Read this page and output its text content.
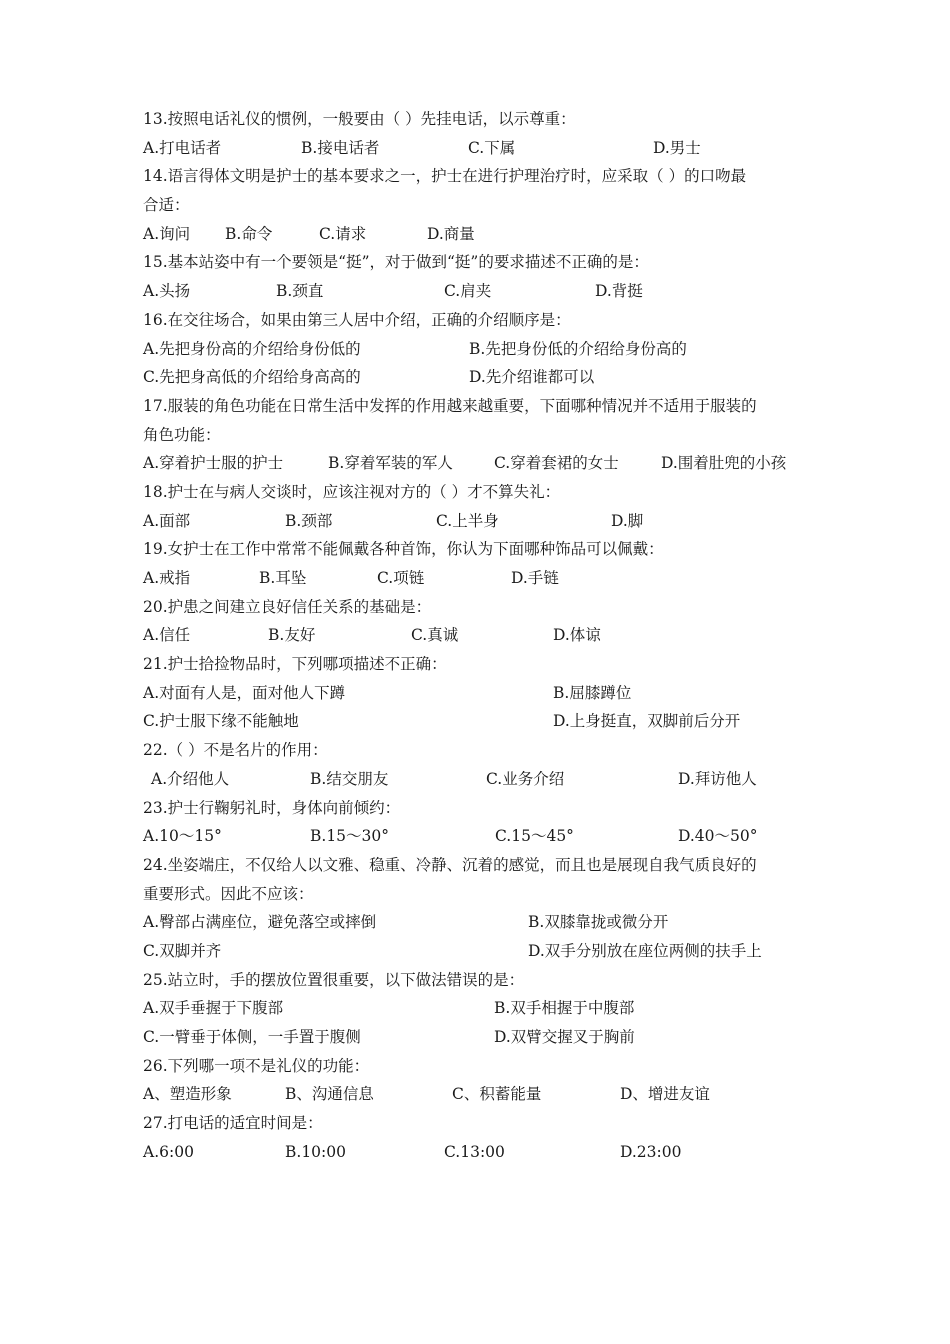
13.按照电话礼仪的惯例，一般要由（ ）先挂电话，以示尊重：
A.打电话者	B.接电话者	C.下属	D.男士
14.语言得体文明是护士的基本要求之一，护士在进行护理治疗时，应采取（ ）的口吻最
合适：
A.询问 B.命令	C.请求	D.商量
15.基本站姿中有一个要领是“挺”，对于做到“挺”的要求描述不正确的是：
A.头扬	B.颈直	C.肩夹	D.背挺
16.在交往场合，如果由第三人居中介绍，正确的介绍顺序是：
A.先把身份高的介绍给身份低的	B.先把身份低的介绍给身份高的
C.先把身高低的介绍给身高高的	D.先介绍谁都可以
17.服装的角色功能在日常生活中发挥的作用越来越重要，下面哪种情况并不适用于服装的
角色功能：
A.穿着护士服的护士	B.穿着军装的军人	C.穿着套裙的女士	D.围着肚兜的小孩
18.护士在与病人交谈时，应该注视对方的（ ）才不算失礼：
A.面部	B.颈部	C.上半身	D.脚
19.女护士在工作中常常不能佩戴各种首饰，你认为下面哪种饰品可以佩戴：
A.戒指	B.耳坠	C.项链	D.手链
20.护患之间建立良好信任关系的基础是：
A.信任	B.友好	C.真诚	D.体谅
21.护士拾捡物品时，下列哪项描述不正确：
A.对面有人是，面对他人下蹲	B.屈膝蹲位
C.护士服下缘不能触地	D.上身挺直，双脚前后分开
22.（ ）不是名片的作用：
A.介绍他人	B.结交朋友	C.业务介绍	D.拜访他人
23.护士行鞠躬礼时，身体向前倾约：
A.10～15°	B.15～30°	C.15～45°	D.40～50°
24.坐姿端庄，不仅给人以文雅、稳重、冷静、沉着的感觉，而且也是展现自我气质良好的
重要形式。因此不应该：
A.臀部占满座位，避免落空或摔倒	B.双膝靠拢或微分开
C.双脚并齐	D.双手分别放在座位两侧的扶手上
25.站立时，手的摆放位置很重要，以下做法错误的是：
A.双手垂握于下腹部	B.双手相握于中腹部
C.一臂垂于体侧，一手置于腹侧	D.双臂交握叉于胸前
26.下列哪一项不是礼仪的功能：
A、塑造形象	B、沟通信息	C、积蓄能量	D、增进友谊
27.打电话的适宜时间是：
A.6:00	B.10:00	C.13:00	D.23:00
